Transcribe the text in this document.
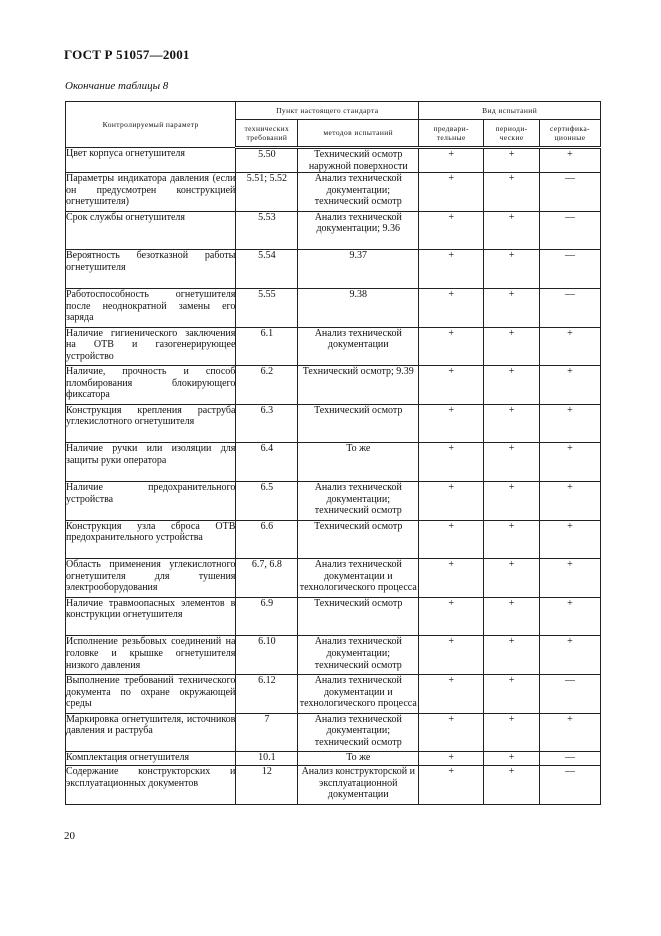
ГОСТ Р 51057—2001
Окончание таблицы 8
Контролируемый параметр	Пункт настоящего стандарта		Вид испытаний		
	технических требований	методов испытаний	предвари-тельные	периоди-ческие	сертифика-ционные
Цвет корпуса огнетушителя	5.50	Технический осмотр наружной поверхности	+	+	+
Параметры индикатора давления (если он предусмотрен конструкцией огнетушителя)	5.51; 5.52	Анализ технической документации; технический осмотр	+	+	—
Срок службы огнетушителя	5.53	Анализ технической документации; 9.36	+	+	—
Вероятность безотказной работы огнетушителя	5.54	9.37	+	+	—
Работоспособность огнетушителя после неоднократной замены его заряда	5.55	9.38	+	+	—
Наличие гигиенического заключения на ОТВ и газогенерирующее устройство	6.1	Анализ технической документации	+	+	+
Наличие, прочность и способ пломбирования блокирующего фиксатора	6.2	Технический осмотр; 9.39	+	+	+
Конструкция крепления раструба углекислотного огнетушителя	6.3	Технический осмотр	+	+	+
Наличие ручки или изоляции для защиты руки оператора	6.4	То же	+	+	+
Наличие предохранительного устройства	6.5	Анализ технической документации; технический осмотр	+	+	+
Конструкция узла сброса ОТВ предохранительного устройства	6.6	Технический осмотр	+	+	+
Область применения углекислотного огнетушителя для тушения электрооборудования	6.7, 6.8	Анализ технической документации и технологического процесса	+	+	+
Наличие травмоопасных элементов в конструкции огнетушителя	6.9	Технический осмотр	+	+	+
Исполнение резьбовых соединений на головке и крышке огнетушителя низкого давления	6.10	Анализ технической документации; технический осмотр	+	+	+
Выполнение требований технического документа по охране окружающей среды	6.12	Анализ технической документации и технологического процесса	+	+	—
Маркировка огнетушителя, источников давления и раструба	7	Анализ технической документации; технический осмотр	+	+	+
Комплектация огнетушителя	10.1	То же	+	+	—
Содержание конструкторских и эксплуатационных документов	12	Анализ конструкторской и эксплуатационной документации	+	+	—
20
